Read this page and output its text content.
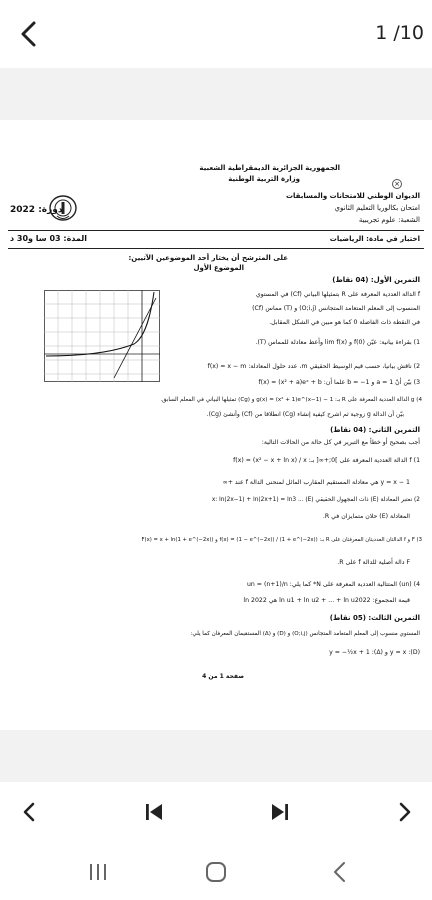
1 /10
×
الجمهورية الجزائرية الديمقراطية الشعبية
وزارة التربية الوطنية
الديوان الوطني للامتحانات والمسابقات
دورة: 2022	امتحان بكالوريا التعليم الثانوي
الشعبة: علوم تجريبية
اختبار في مادة: الرياضيات
المدة: 03 سا و30 د
على المترشح أن يختار أحد الموضوعين الآتيين:
الموضوع الأول
التمرين الأول: (04 نقاط)
f الدالة العددية المعرفة على R بتمثيلها البياني (Cf) في المستوي
المنسوب إلى المعلم المتعامد المتجانس (O;i,j) و (T) مماس (Cf)
في النقطة ذات الفاصلة 0 كما هو مبين في الشكل المقابل.
1) بقراءة بيانية: عيّن f(0) و lim f(x) وأعط معادلة للمماس (T).
2) ناقش بيانيا، حسب قيم الوسيط الحقيقي m، عدد حلول المعادلة: f(x) = x − m
3) بيّن أنّ a = 1 و b = −1 علما أن: f(x) = (x² + a)eˣ + b
4) g الدالة العددية المعرفة على R بـ: g(x) = (x² + 1)e^(x−1) − 1 و (Cg) تمثيلها البياني في المعلم السابق.
بيّن أن الدالة g زوجية ثم اشرح كيفية إنشاء (Cg) انطلاقا من (Cf) وأنشئ (Cg).
التمرين الثاني: (04 نقاط)
أجب بصحيح أو خطأ مع التبرير في كل حالة من الحالات التالية:
1) f الدالة العددية المعرفة على ]0;+∞[ بـ: f(x) = (x² − x + ln x) / x
y = x − 1 هي معادلة المستقيم المقارب المائل لمنحنى الدالة f عند +∞
2) نعتبر المعادلة (E) ذات المجهول الحقيقي x: ln(2x−1) + ln(2x+1) = ln3 ... (E)
المعادلة (E) حلان متمايزان في R.
3) F و f الدالتان العدديتان المعرفتان على R بـ: f(x) = (1 − e^(−2x)) / (1 + e^(−2x)) و F(x) = x + ln(1 + e^(−2x))
F دالة أصلية للدالة f على R.
4) (un) المتتالية العددية المعرفة على N* كما يلي: un = (n+1)/n
قيمة المجموع: ln u1 + ln u2 + ... + ln u2022 هي ln 2022
التمرين الثالث: (05 نقاط)
المستوي منسوب إلى المعلم المتعامد المتجانس (O;i,j) و (D) و (Δ) المستقيمان المعرفان كما يلي:
(D): y = x و (Δ): y = −½x + 1
صفحة 1 من 4
